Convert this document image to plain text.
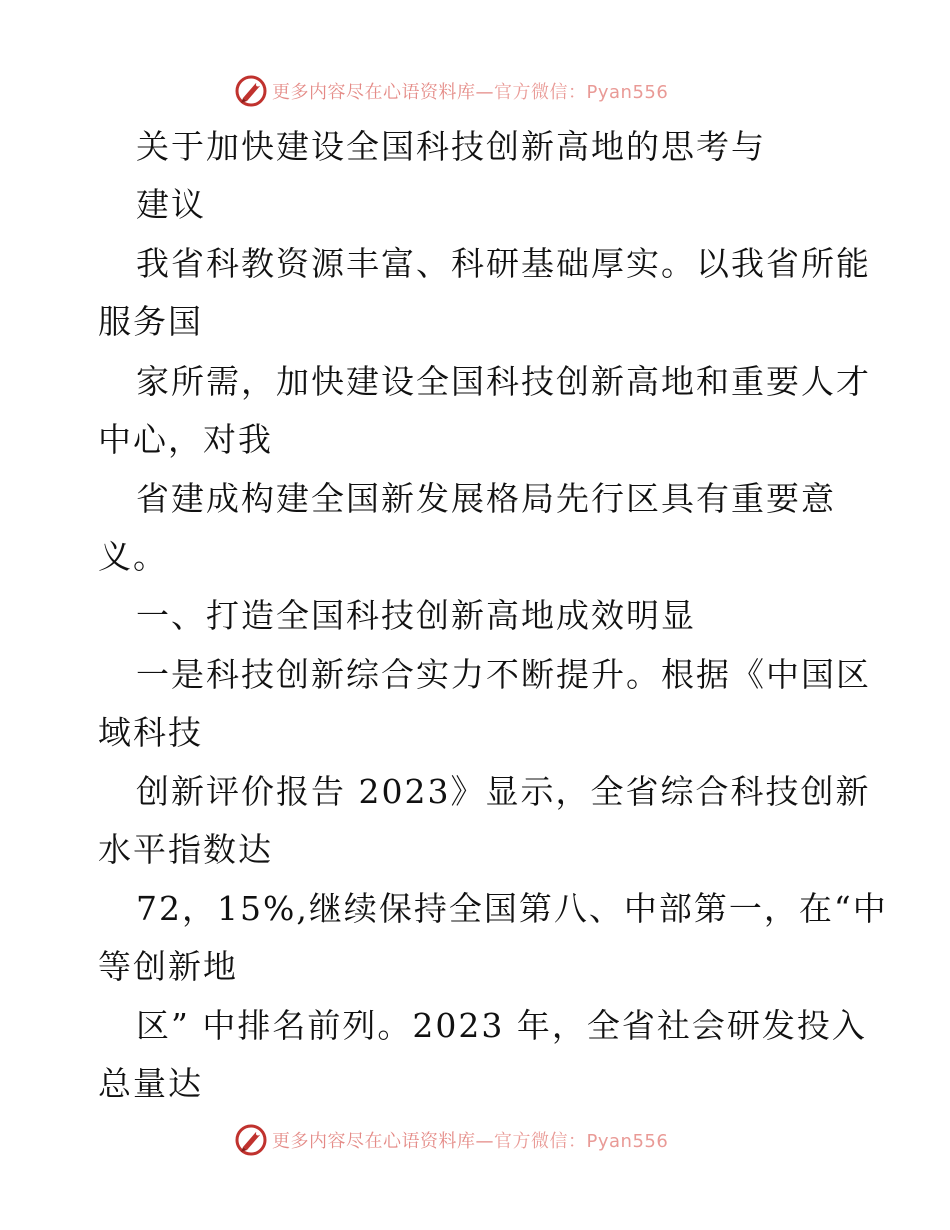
更多内容尽在心语资料库—官方微信：Pyan556
关于加快建设全国科技创新高地的思考与
建议
我省科教资源丰富、科研基础厚实。以我省所能
服务国
家所需，加快建设全国科技创新高地和重要人才
中心，对我
省建成构建全国新发展格局先行区具有重要意
义。
一、打造全国科技创新高地成效明显
一是科技创新综合实力不断提升。根据《中国区
域科技
创新评价报告 2023》显示，全省综合科技创新
水平指数达
72，15%,继续保持全国第八、中部第一，在“中
等创新地
区” 中排名前列。2023 年，全省社会研发投入
总量达
更多内容尽在心语资料库—官方微信：Pyan556
